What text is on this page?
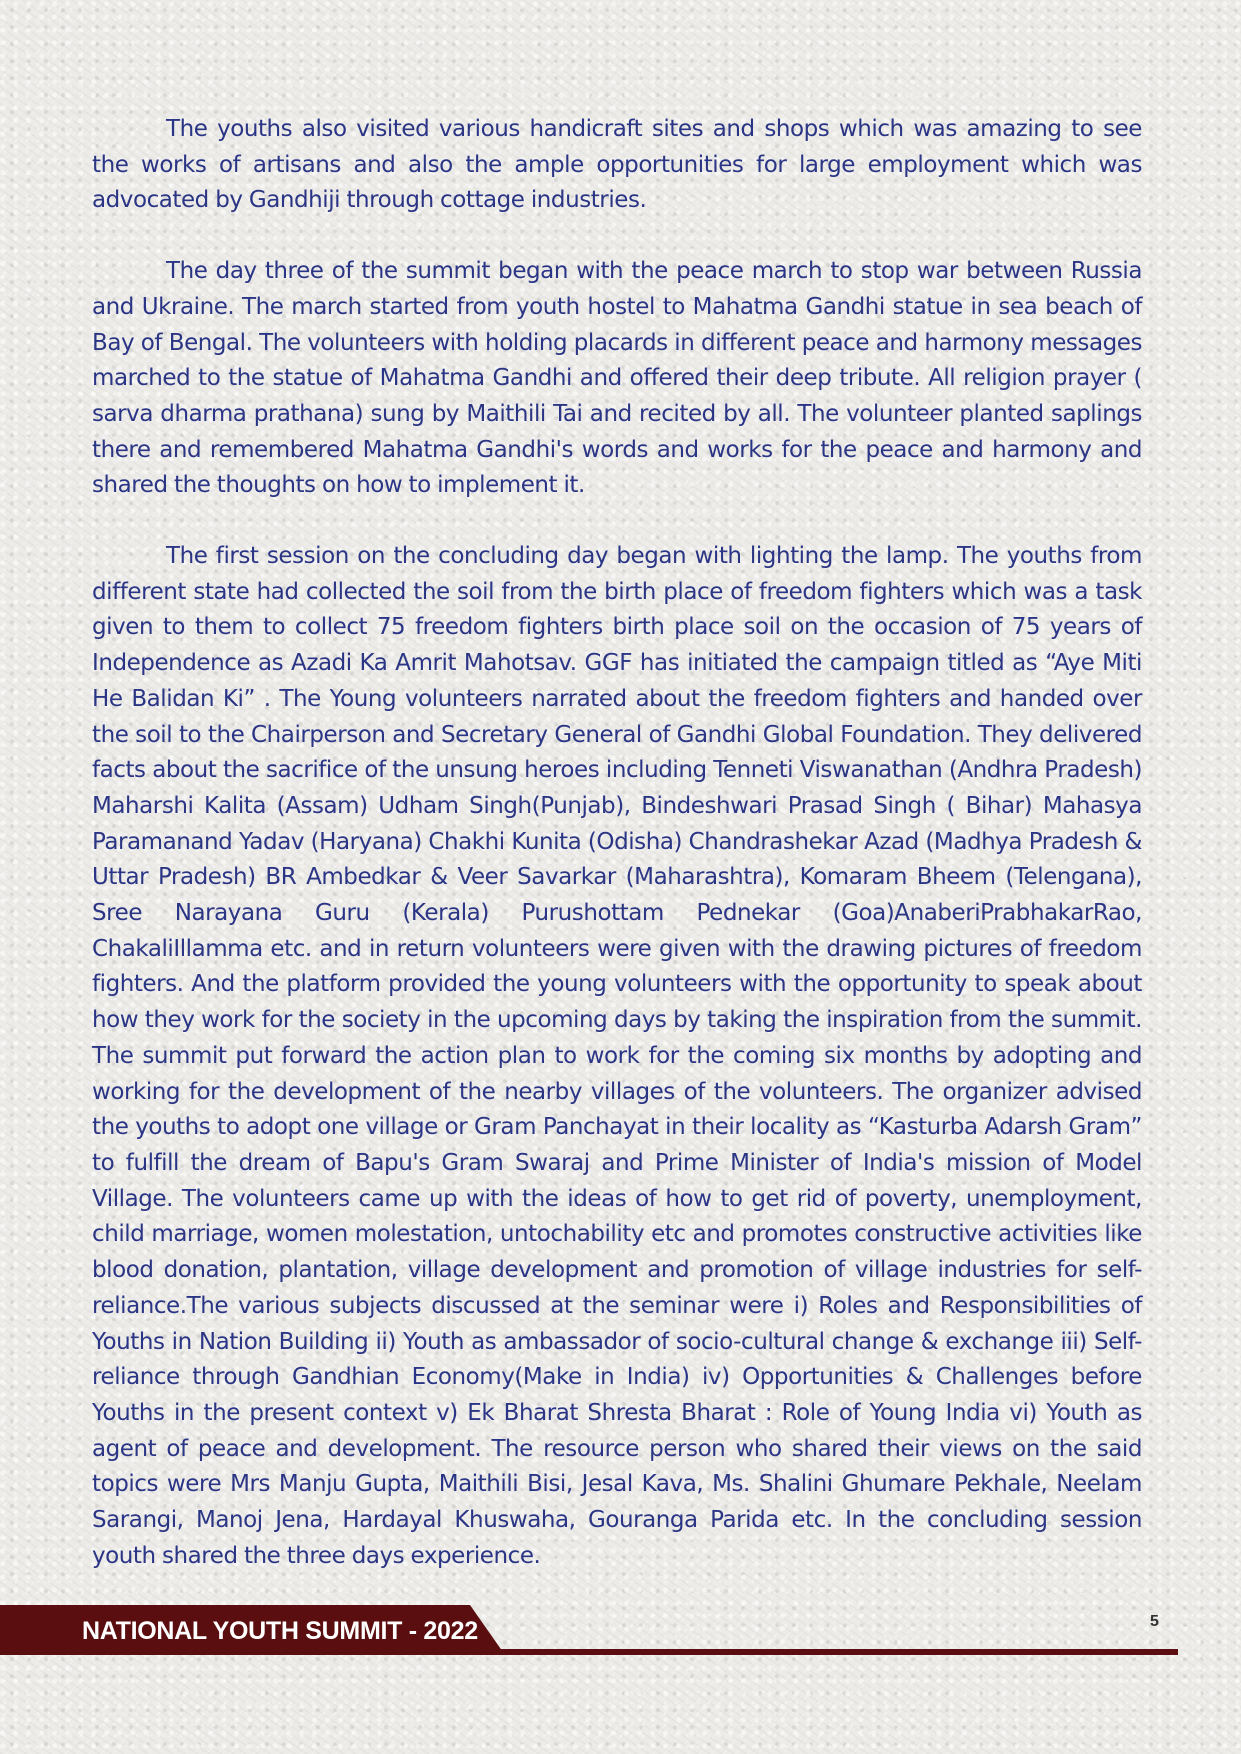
The youths also visited various handicraft sites and shops which was amazing to see the works of artisans and also the ample opportunities for large employment which was advocated by Gandhiji through cottage industries.

The day three of the summit began with the peace march to stop war between Russia and Ukraine. The march started from youth hostel to Mahatma Gandhi statue in sea beach of Bay of Bengal. The volunteers with holding placards in different peace and harmony messages marched to the statue of Mahatma Gandhi and offered their deep tribute. All religion prayer ( sarva dharma prathana) sung by Maithili Tai and recited by all. The volunteer planted saplings there and remembered Mahatma Gandhi's words and works for the peace and harmony and shared the thoughts on how to implement it.

The first session on the concluding day began with lighting the lamp. The youths from different state had collected the soil from the birth place of freedom fighters which was a task given to them to collect 75 freedom fighters birth place soil on the occasion of 75 years of Independence as Azadi Ka Amrit Mahotsav. GGF has initiated the campaign titled as “Aye Miti He Balidan Ki” . The Young volunteers narrated about the freedom fighters and handed over the soil to the Chairperson and Secretary General of Gandhi Global Foundation. They delivered facts about the sacrifice of the unsung heroes including Tenneti Viswanathan (Andhra Pradesh) Maharshi Kalita (Assam) Udham Singh(Punjab), Bindeshwari Prasad Singh ( Bihar) Mahasya Paramanand Yadav (Haryana) Chakhi Kunita (Odisha) Chandrashekar Azad (Madhya Pradesh & Uttar Pradesh) BR Ambedkar & Veer Savarkar (Maharashtra), Komaram Bheem (Telengana), Sree Narayana Guru (Kerala) Purushottam Pednekar (Goa)AnaberiPrabhakarRao, ChakaliIllamma etc. and in return volunteers were given with the drawing pictures of freedom fighters. And the platform provided the young volunteers with the opportunity to speak about how they work for the society in the upcoming days by taking the inspiration from the summit. The summit put forward the action plan to work for the coming six months by adopting and working for the development of the nearby villages of the volunteers. The organizer advised the youths to adopt one village or Gram Panchayat in their locality as “Kasturba Adarsh Gram” to fulfill the dream of Bapu's Gram Swaraj and Prime Minister of India's mission of Model Village. The volunteers came up with the ideas of how to get rid of poverty, unemployment, child marriage, women molestation, untochability etc and promotes constructive activities like blood donation, plantation, village development and promotion of village industries for self-reliance.The various subjects discussed at the seminar were i) Roles and Responsibilities of Youths in Nation Building ii) Youth as ambassador of socio-cultural change & exchange iii) Self-reliance through Gandhian Economy(Make in India) iv) Opportunities & Challenges before Youths in the present context v) Ek Bharat Shresta Bharat : Role of Young India vi) Youth as agent of peace and development. The resource person who shared their views on the said topics were Mrs Manju Gupta, Maithili Bisi, Jesal Kava, Ms. Shalini Ghumare Pekhale, Neelam Sarangi, Manoj Jena, Hardayal Khuswaha, Gouranga Parida etc. In the concluding session youth shared the three days experience.

NATIONAL YOUTH SUMMIT - 2022	5
